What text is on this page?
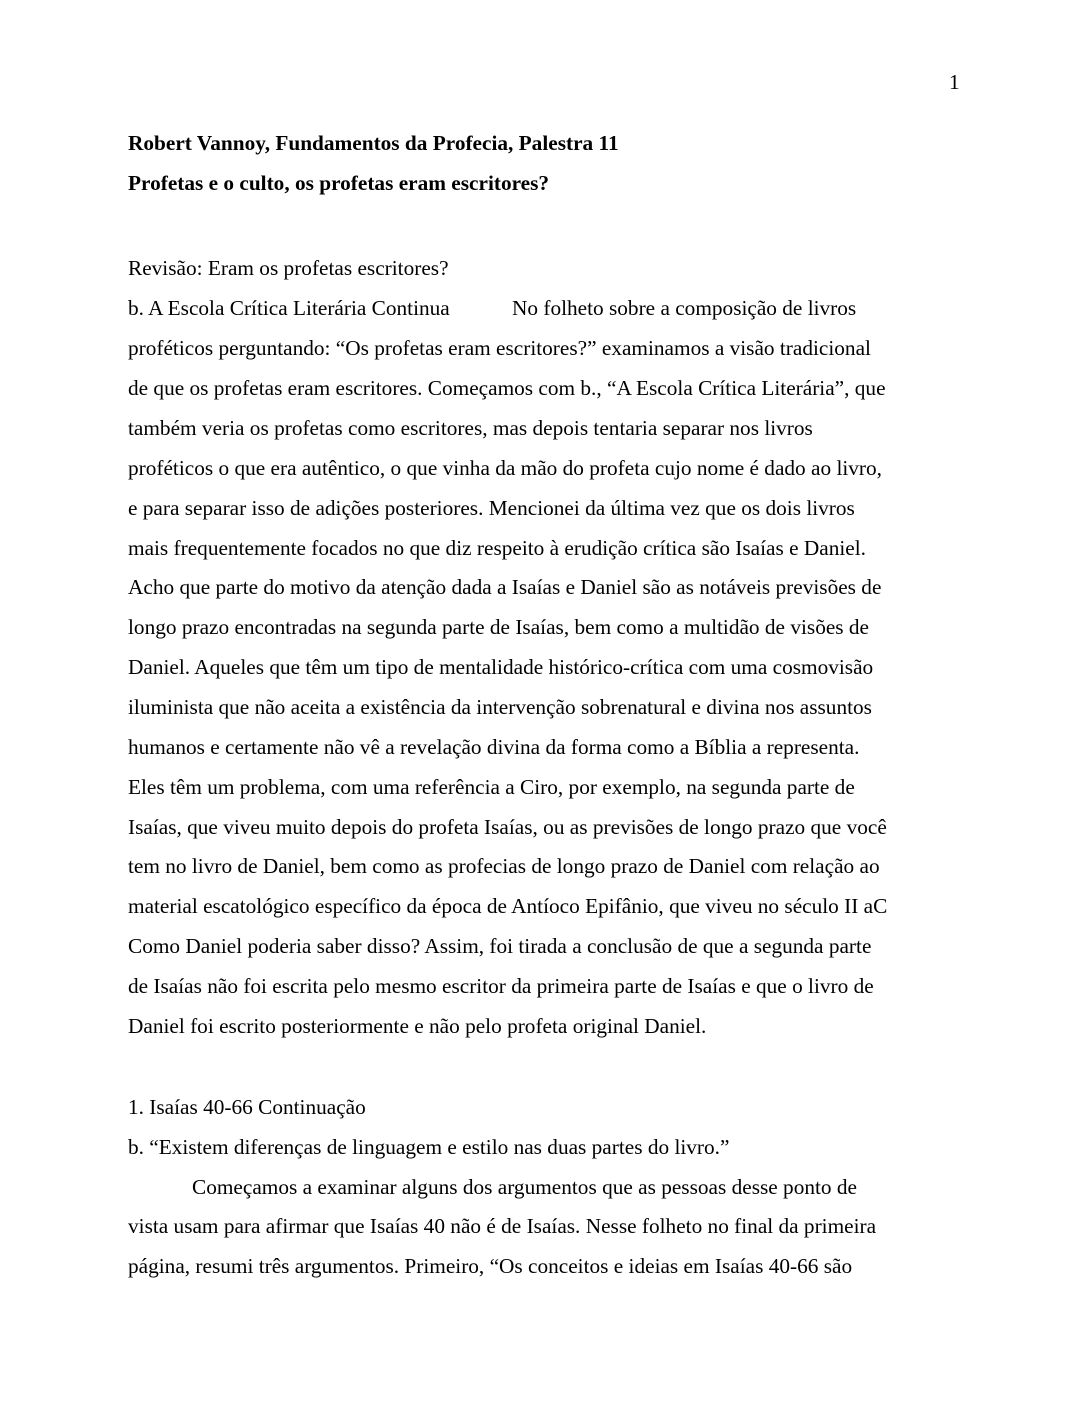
1
Robert Vannoy, Fundamentos da Profecia, Palestra 11
Profetas e o culto, os profetas eram escritores?
Revisão: Eram os profetas escritores?
b. A Escola Crítica Literária Continua	No folheto sobre a composição de livros
proféticos perguntando: “Os profetas eram escritores?” examinamos a visão tradicional
de que os profetas eram escritores. Começamos com b., “A Escola Crítica Literária”, que
também veria os profetas como escritores, mas depois tentaria separar nos livros
proféticos o que era autêntico, o que vinha da mão do profeta cujo nome é dado ao livro,
e para separar isso de adições posteriores. Mencionei da última vez que os dois livros
mais frequentemente focados no que diz respeito à erudição crítica são Isaías e Daniel.
Acho que parte do motivo da atenção dada a Isaías e Daniel são as notáveis previsões de
longo prazo encontradas na segunda parte de Isaías, bem como a multidão de visões de
Daniel. Aqueles que têm um tipo de mentalidade histórico-crítica com uma cosmovisão
iluminista que não aceita a existência da intervenção sobrenatural e divina nos assuntos
humanos e certamente não vê a revelação divina da forma como a Bíblia a representa.
Eles têm um problema, com uma referência a Ciro, por exemplo, na segunda parte de
Isaías, que viveu muito depois do profeta Isaías, ou as previsões de longo prazo que você
tem no livro de Daniel, bem como as profecias de longo prazo de Daniel com relação ao
material escatológico específico da época de Antíoco Epifânio, que viveu no século II aC
Como Daniel poderia saber disso? Assim, foi tirada a conclusão de que a segunda parte
de Isaías não foi escrita pelo mesmo escritor da primeira parte de Isaías e que o livro de
Daniel foi escrito posteriormente e não pelo profeta original Daniel.
1. Isaías 40-66 Continuação
b. “Existem diferenças de linguagem e estilo nas duas partes do livro.”
Começamos a examinar alguns dos argumentos que as pessoas desse ponto de
vista usam para afirmar que Isaías 40 não é de Isaías. Nesse folheto no final da primeira
página, resumi três argumentos. Primeiro, “Os conceitos e ideias em Isaías 40-66 são
